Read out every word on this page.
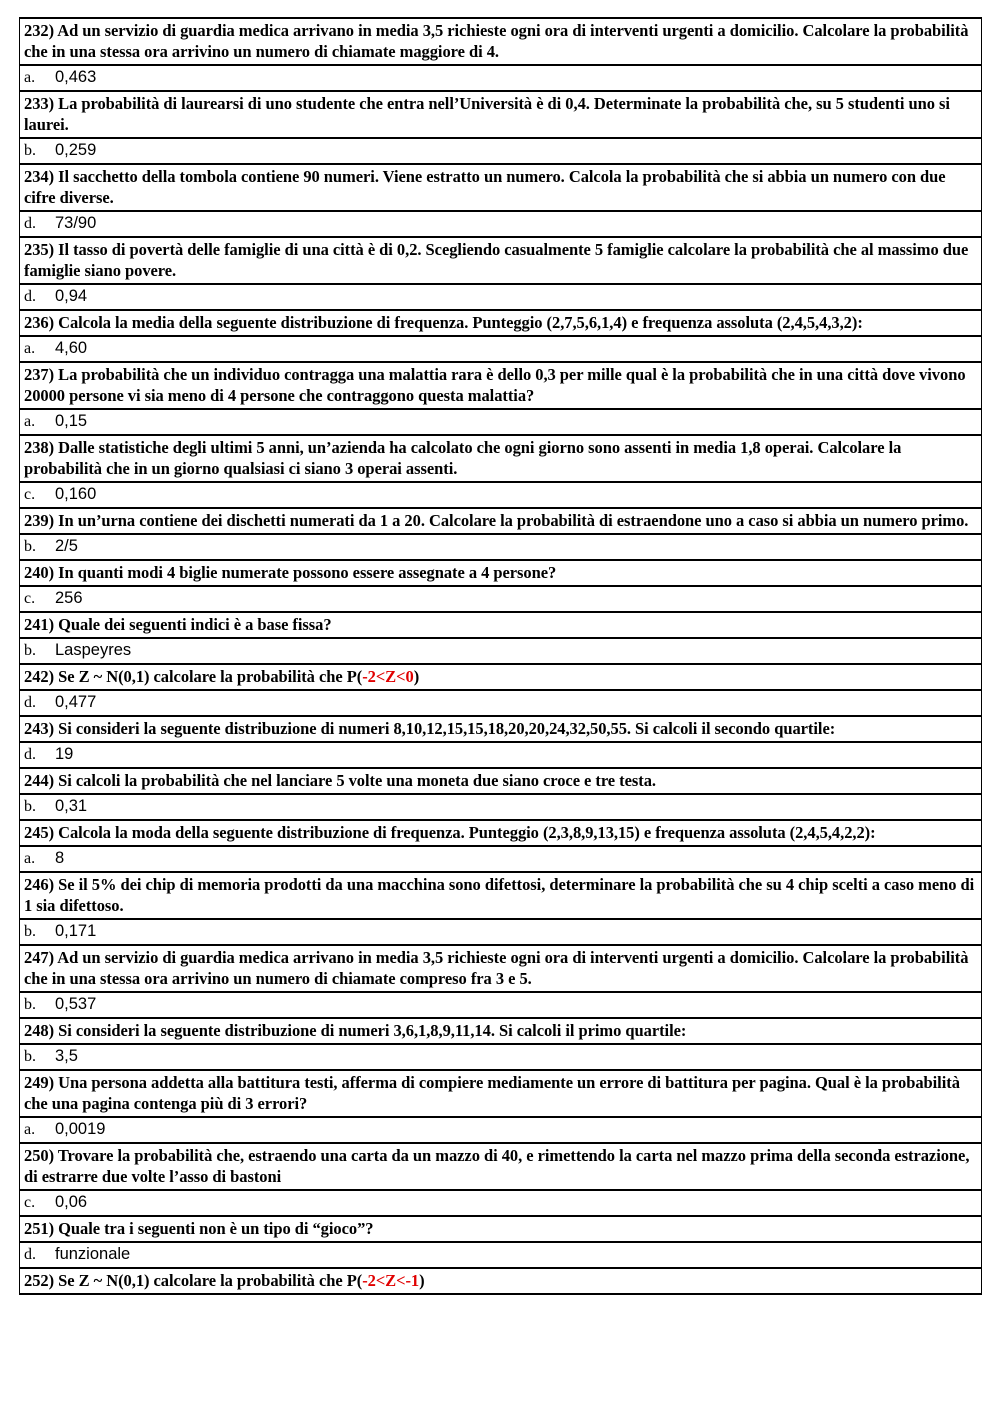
232) Ad un servizio di guardia medica arrivano in media 3,5 richieste ogni ora di interventi urgenti a domicilio. Calcolare la probabilità che in una stessa ora arrivino un numero di chiamate maggiore di 4.
a.	0,463
233) La probabilità di laurearsi di uno studente che entra nell’Università è di 0,4. Determinate la probabilità che, su 5 studenti uno si laurei.
b.	0,259
234) Il sacchetto della tombola contiene 90 numeri. Viene estratto un numero. Calcola la probabilità che si abbia un numero con due cifre diverse.
d.	73/90
235) Il tasso di povertà delle famiglie di una città è di 0,2. Scegliendo casualmente 5 famiglie calcolare la probabilità che al massimo due famiglie siano povere.
d.	0,94
236) Calcola la media della seguente distribuzione di frequenza. Punteggio (2,7,5,6,1,4) e frequenza assoluta (2,4,5,4,3,2):
a.	4,60
237) La probabilità che un individuo contragga una malattia rara è dello 0,3 per mille qual è la probabilità che in una città dove vivono 20000 persone vi sia meno di 4 persone che contraggono questa malattia?
a.	0,15
238) Dalle statistiche degli ultimi 5 anni, un’azienda ha calcolato che ogni giorno sono assenti in media 1,8 operai. Calcolare la probabilità che in un giorno qualsiasi ci siano 3 operai assenti.
c.	0,160
239) In un’urna contiene dei dischetti numerati da 1 a 20. Calcolare la probabilità di estraendone uno a caso si abbia un numero primo.
b.	2/5
240) In quanti modi 4 biglie numerate possono essere assegnate a 4 persone?
c.	256
241) Quale dei seguenti indici è a base fissa?
b.	Laspeyres
242) Se Z ~ N(0,1) calcolare la probabilità che P(-2<Z<0)
d.	0,477
243) Si consideri la seguente distribuzione di numeri 8,10,12,15,15,18,20,20,24,32,50,55. Si calcoli il secondo quartile:
d.	19
244) Si calcoli la probabilità che nel lanciare 5 volte una moneta due siano croce e tre testa.
b.	0,31
245) Calcola la moda della seguente distribuzione di frequenza. Punteggio (2,3,8,9,13,15) e frequenza assoluta (2,4,5,4,2,2):
a.	8
246) Se il 5% dei chip di memoria prodotti da una macchina sono difettosi, determinare la probabilità che su 4 chip scelti a caso meno di 1 sia difettoso.
b.	0,171
247) Ad un servizio di guardia medica arrivano in media 3,5 richieste ogni ora di interventi urgenti a domicilio. Calcolare la probabilità che in una stessa ora arrivino un numero di chiamate compreso fra 3 e 5.
b.	0,537
248) Si consideri la seguente distribuzione di numeri 3,6,1,8,9,11,14. Si calcoli il primo quartile:
b.	3,5
249) Una persona addetta alla battitura testi, afferma di compiere mediamente un errore di battitura per pagina. Qual è la probabilità che una pagina contenga più di 3 errori?
a.	0,0019
250) Trovare la probabilità che, estraendo una carta da un mazzo di 40, e rimettendo la carta nel mazzo prima della seconda estrazione, di estrarre due volte l’asso di bastoni
c.	0,06
251) Quale tra i seguenti non è un tipo di “gioco”?
d.	funzionale
252) Se Z ~ N(0,1) calcolare la probabilità che P(-2<Z<-1)
